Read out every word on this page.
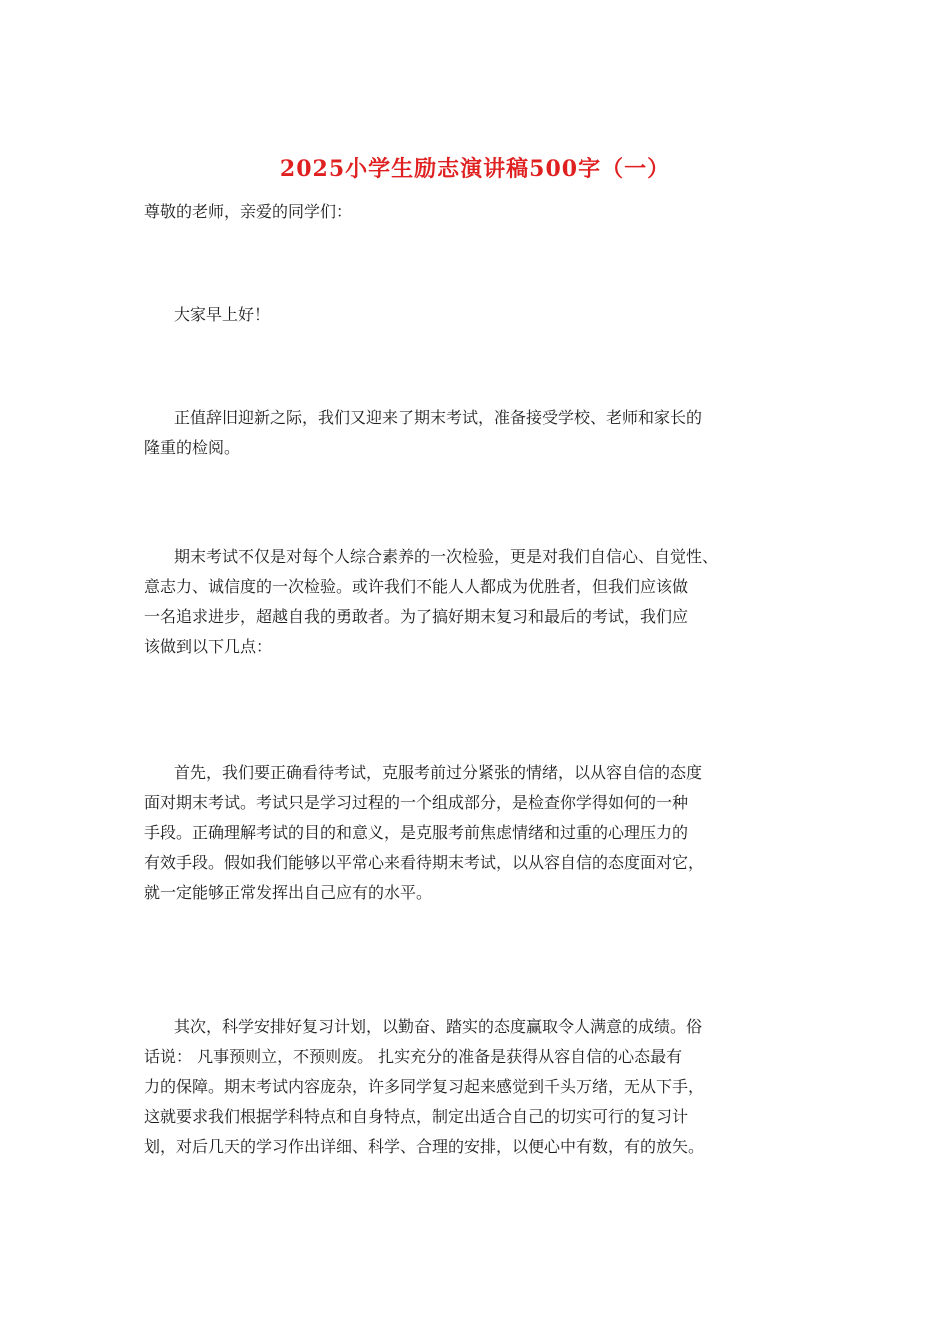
2025小学生励志演讲稿500字（一）
尊敬的老师，亲爱的同学们：
大家早上好！
正值辞旧迎新之际，我们又迎来了期末考试，准备接受学校、老师和家长的
隆重的检阅。
期末考试不仅是对每个人综合素养的一次检验，更是对我们自信心、自觉性、
意志力、诚信度的一次检验。或许我们不能人人都成为优胜者，但我们应该做
一名追求进步，超越自我的勇敢者。为了搞好期末复习和最后的考试，我们应
该做到以下几点：
首先，我们要正确看待考试，克服考前过分紧张的情绪，以从容自信的态度
面对期末考试。考试只是学习过程的一个组成部分，是检查你学得如何的一种
手段。正确理解考试的目的和意义，是克服考前焦虑情绪和过重的心理压力的
有效手段。假如我们能够以平常心来看待期末考试，以从容自信的态度面对它，
就一定能够正常发挥出自己应有的水平。
其次，科学安排好复习计划，以勤奋、踏实的态度赢取令人满意的成绩。俗
话说： 凡事预则立，不预则废。 扎实充分的准备是获得从容自信的心态最有
力的保障。期末考试内容庞杂，许多同学复习起来感觉到千头万绪，无从下手，
这就要求我们根据学科特点和自身特点，制定出适合自己的切实可行的复习计
划，对后几天的学习作出详细、科学、合理的安排，以便心中有数，有的放矢。
